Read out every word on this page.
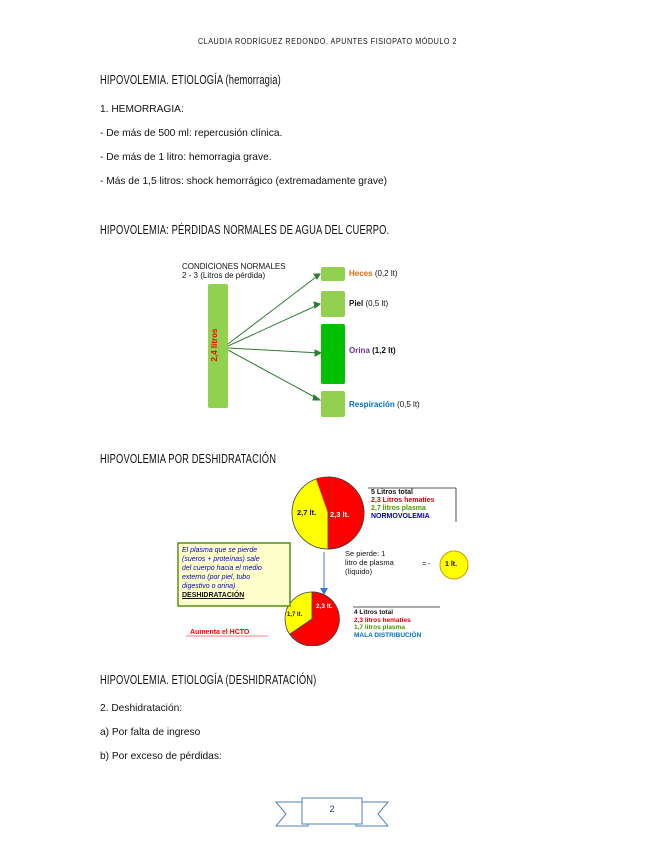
CLAUDIA RODRÍGUEZ REDONDO. APUNTES FISIOPATO MÓDULO 2
HIPOVOLEMIA. ETIOLOGÍA (hemorragia)
1. HEMORRAGIA:
- De más de 500 ml: repercusión clínica.
- De más de 1 litro: hemorragia grave.
- Más de 1,5 litros: shock hemorrágico (extremadamente grave)
HIPOVOLEMIA: PÉRDIDAS NORMALES DE AGUA DEL CUERPO.
CONDICIONES NORMALES
2 - 3 (Litros de pérdida)
2,4 litros
Heces (0,2 lt)
Piel (0,5 lt)
Orina (1,2 lt)
Respiración (0,5 lt)
HIPOVOLEMIA POR DESHIDRATACIÓN
2,7 lt. 2,3 lt.
5 Litros total
2,3 Litros hematíes
2,7 litros plasma
NORMOVOLEMIA
El plasma que se pierde
(sueros + proteínas) sale
del cuerpo hacia el medio
externo (por piel, tubo
digestivo o orina)
DESHIDRATACIÓN
Se pierde: 1
litro de plasma
(líquido)
= - 1 lt.
1,7 lt.
2,3 lt.
4 Litros total
2,3 litros hematíes
1,7 litros plasma
MALA DISTRIBUCIÓN
Aumenta el HCTO
HIPOVOLEMIA. ETIOLOGÍA (DESHIDRATACIÓN)
2. Deshidratación:
a) Por falta de ingreso
b) Por exceso de pérdidas:
2
